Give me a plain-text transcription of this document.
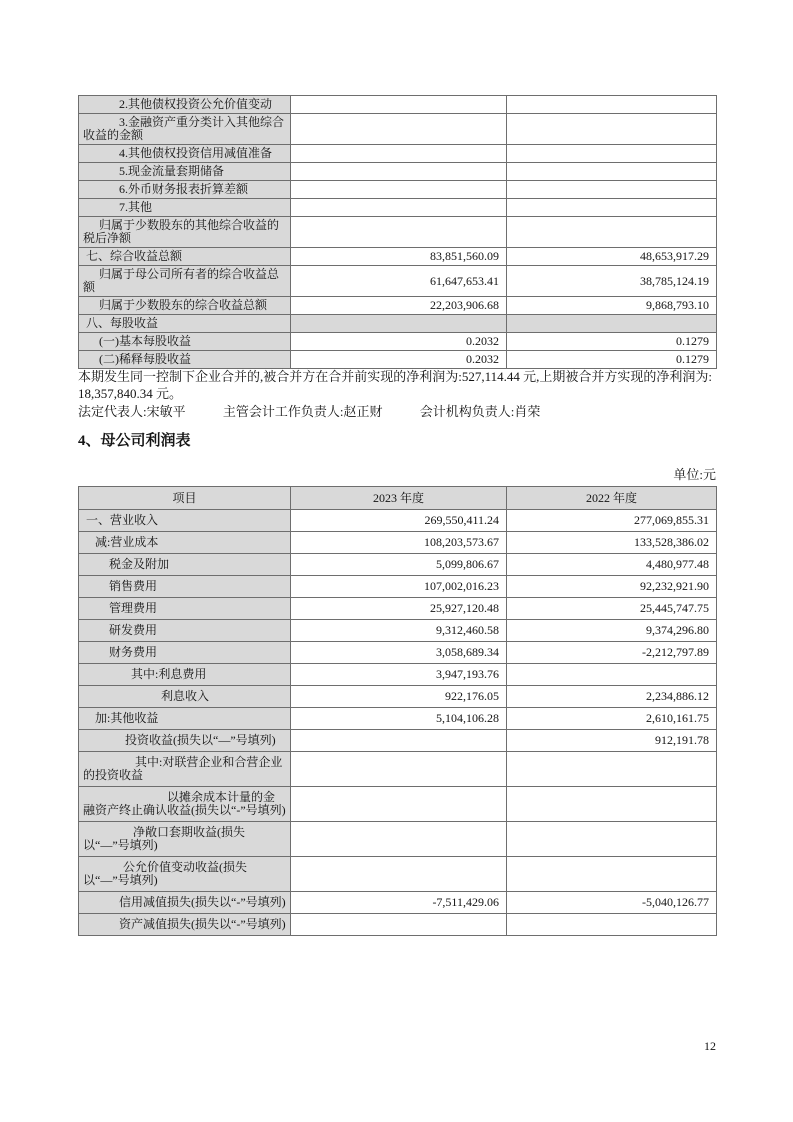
2.其他债权投资公允价值变动		
3.金融资产重分类计入其他综合收益的金额		
4.其他债权投资信用减值准备		
5.现金流量套期储备		
6.外币财务报表折算差额		
7.其他		
归属于少数股东的其他综合收益的税后净额		
七、综合收益总额	83,851,560.09	48,653,917.29
归属于母公司所有者的综合收益总额	61,647,653.41	38,785,124.19
归属于少数股东的综合收益总额	22,203,906.68	9,868,793.10
八、每股收益		
(一)基本每股收益	0.2032	0.1279
(二)稀释每股收益	0.2032	0.1279
本期发生同一控制下企业合并的,被合并方在合并前实现的净利润为:527,114.44 元,上期被合并方实现的净利润为:
18,357,840.34 元。
法定代表人:宋敏平	主管会计工作负责人:赵正财	会计机构负责人:肖荣
4、母公司利润表
单位:元
项目	2023 年度	2022 年度
一、营业收入	269,550,411.24	277,069,855.31
减:营业成本	108,203,573.67	133,528,386.02
税金及附加	5,099,806.67	4,480,977.48
销售费用	107,002,016.23	92,232,921.90
管理费用	25,927,120.48	25,445,747.75
研发费用	9,312,460.58	9,374,296.80
财务费用	3,058,689.34	-2,212,797.89
其中:利息费用	3,947,193.76	
利息收入	922,176.05	2,234,886.12
加:其他收益	5,104,106.28	2,610,161.75
投资收益(损失以“—”号填列)		912,191.78
其中:对联营企业和合营企业的投资收益		
以摊余成本计量的金融资产终止确认收益(损失以“-”号填列)		
净敞口套期收益(损失以“—”号填列)		
公允价值变动收益(损失以“—”号填列)		
信用减值损失(损失以“-”号填列)	-7,511,429.06	-5,040,126.77
资产减值损失(损失以“-”号填列)		
12
